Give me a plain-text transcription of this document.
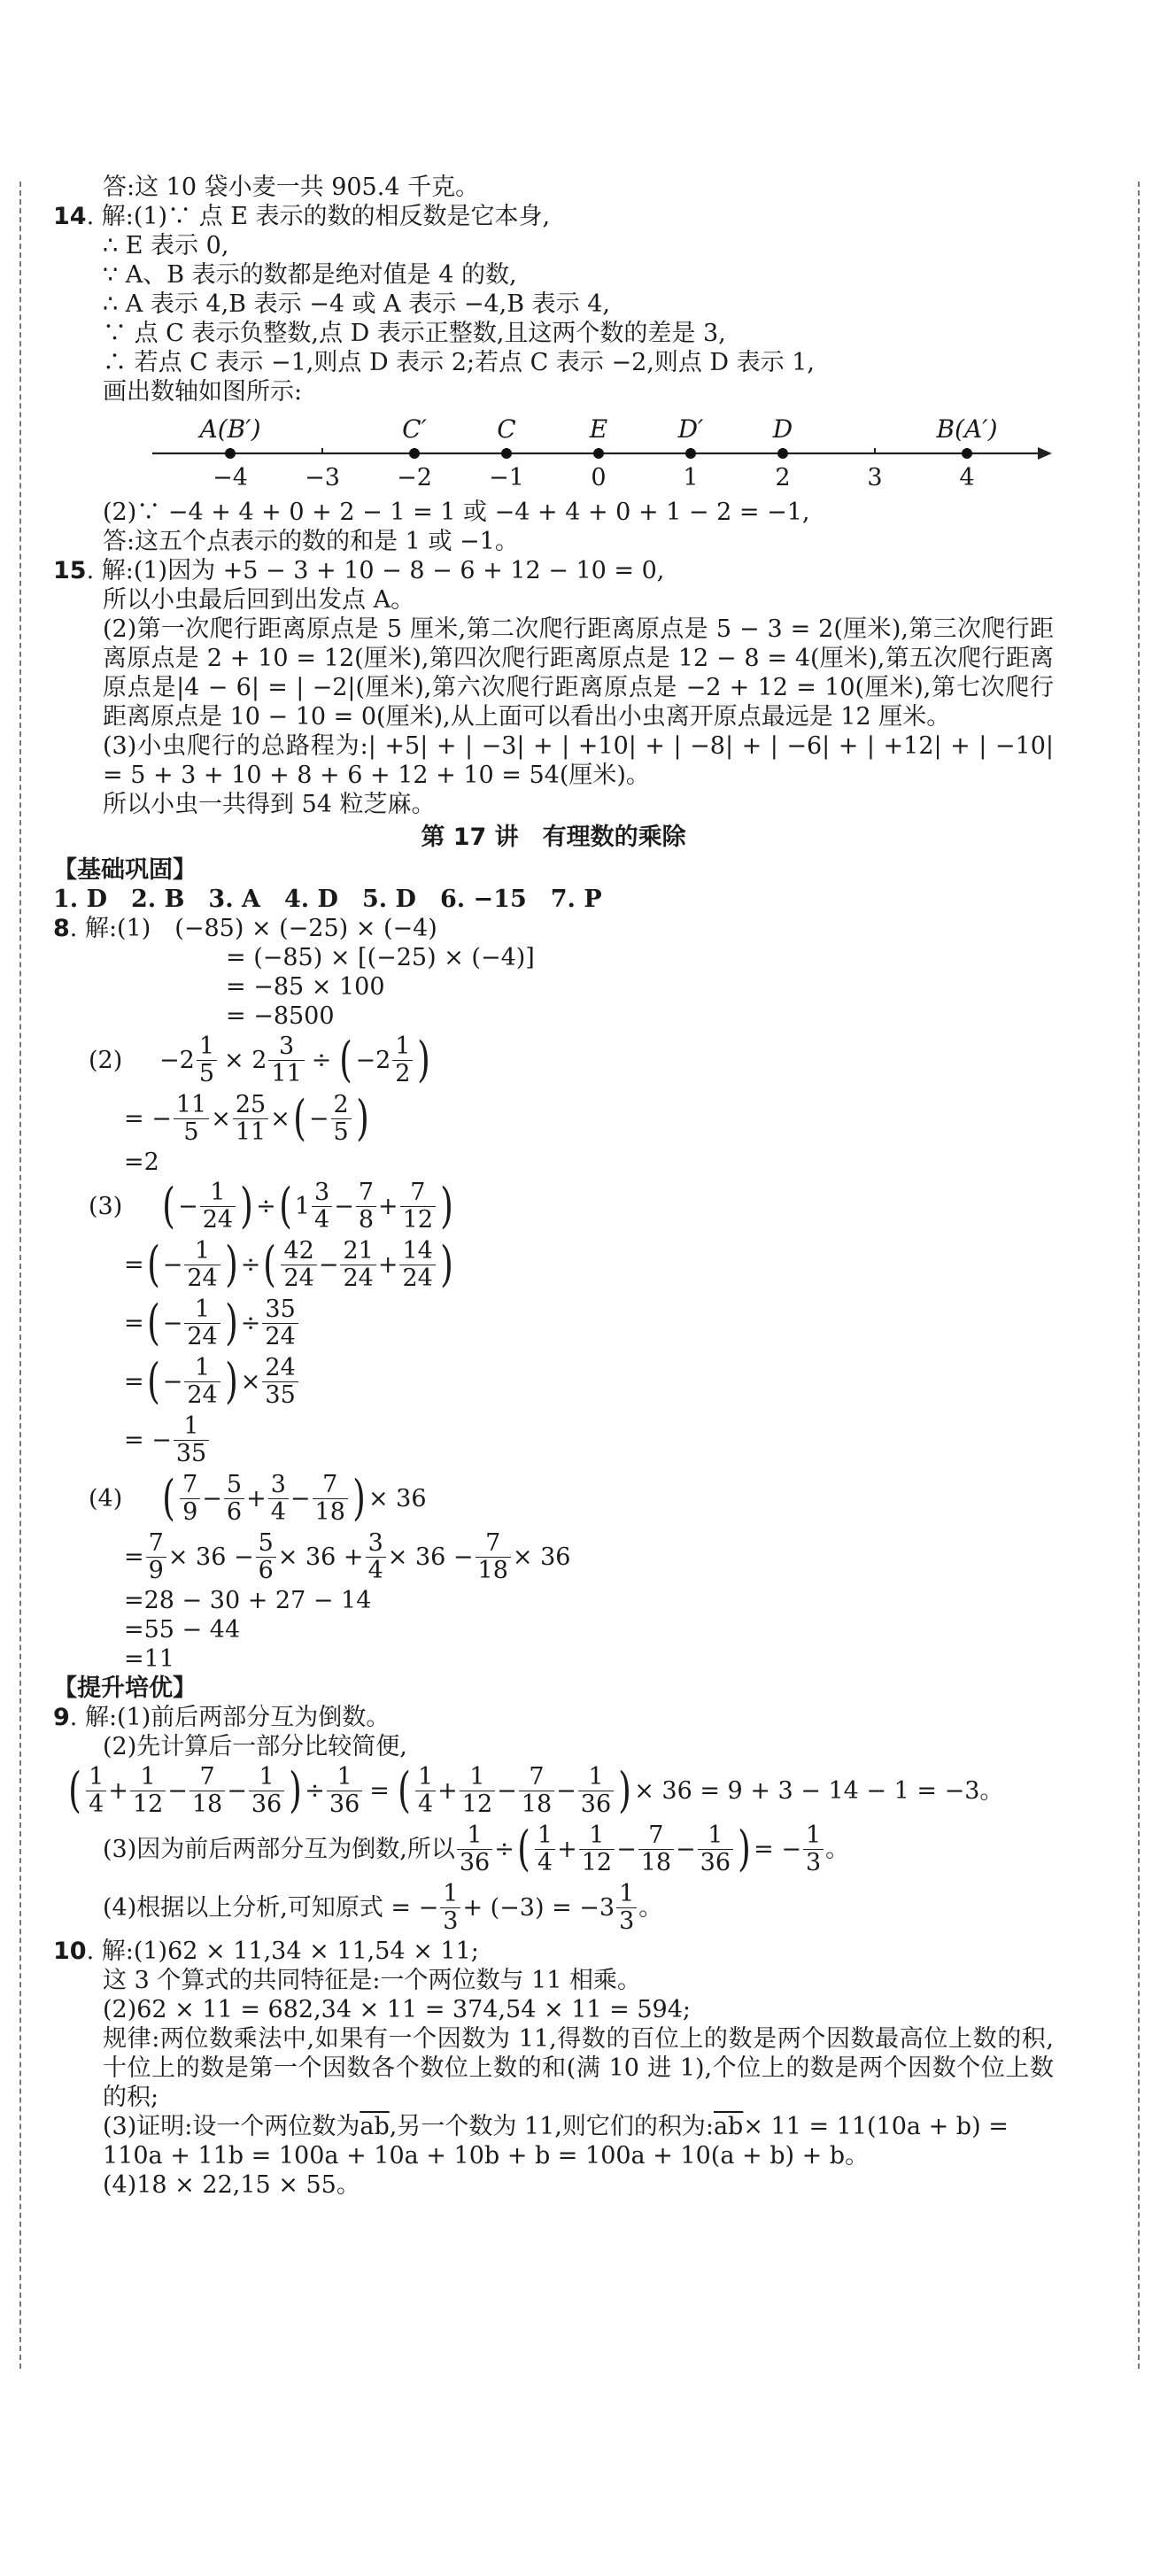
答:这 10 袋小麦一共 905.4 千克。
14. 解:(1)∵ 点 E 表示的数的相反数是它本身,
∴ E 表示 0,
∵ A、B 表示的数都是绝对值是 4 的数,
∴ A 表示 4,B 表示 −4 或 A 表示 −4,B 表示 4,
∵ 点 C 表示负整数,点 D 表示正整数,且这两个数的差是 3,
∴ 若点 C 表示 −1,则点 D 表示 2;若点 C 表示 −2,则点 D 表示 1,
画出数轴如图所示:
−4 −3 −2 −1	0	1	2	3	4
A(B′)	C′	C	E	D′	D	B(A′)
(2)∵ −4 + 4 + 0 + 2 − 1 = 1 或 −4 + 4 + 0 + 1 − 2 = −1,
答:这五个点表示的数的和是 1 或 −1。
15. 解:(1)因为 +5 − 3 + 10 − 8 − 6 + 12 − 10 = 0,
所以小虫最后回到出发点 A。
(2)第一次爬行距离原点是 5 厘米,第二次爬行距离原点是 5 − 3 = 2(厘米),第三次爬行距离原点是 2 + 10 = 12(厘米),第四次爬行距离原点是 12 − 8 = 4(厘米),第五次爬行距离原点是|4 − 6| = | −2|(厘米),第六次爬行距离原点是 −2 + 12 = 10(厘米),第七次爬行距离原点是 10 − 10 = 0(厘米),从上面可以看出小虫离开原点最远是 12 厘米。
(3)小虫爬行的总路程为:| +5| + | −3| + | +10| + | −8| + | −6| + | +12| + | −10| = 5 + 3 + 10 + 8 + 6 + 12 + 10 = 54(厘米)。
所以小虫一共得到 54 粒芝麻。
第 17 讲　有理数的乘除
【基础巩固】
1. D　2. B　3. A　4. D　5. D　6. −15　7. P
8. 解:(1)　(−85) × (−25) × (−4)
= (−85) × [(−25) × (−4)]
= −85 × 100
= −8500
(2)	$-2 \frac{1}{5} \times 2 \frac{3}{11}$ ÷ ( $-2 \frac{1}{2}$ )
= − $\frac{11}{5} \times \frac{25}{11}$ × ( − $\frac{2}{5}$ )
=2
(3) ( − $\frac{1}{24}$ ) ÷ ( $1 \frac{3}{4} - \frac{7}{8} + \frac{7}{12}$ )
= ( − $\frac{1}{24}$ ) ÷ ( $\frac{42}{24} - \frac{21}{24} + \frac{14}{24}$ )
= ( − $\frac{1}{24}$ ) ÷ $\frac{35}{24}$
= ( − $\frac{1}{24}$ ) × $\frac{24}{35}$
= − $\frac{1}{35}$
(4) ( $\frac{7}{9} - \frac{5}{6} + \frac{3}{4} - \frac{7}{18}$ ) × 36
= $\frac{7}{9} \times 36 - \frac{5}{6} \times 36 + \frac{3}{4} \times 36 - \frac{7}{18} \times 36$
=28 − 30 + 27 − 14
=55 − 44
=11
【提升培优】
9. 解:(1)前后两部分互为倒数。
(2)先计算后一部分比较简便,
( $\frac{1}{4} + \frac{1}{12} - \frac{7}{18} - \frac{1}{36}$ ) ÷ $\frac{1}{36}$ = ( $\frac{1}{4} + \frac{1}{12} - \frac{7}{18} - \frac{1}{36}$ ) × 36 = 9 + 3 − 14 − 1 = −3。
(3)因为前后两部分互为倒数,所以 $\frac{1}{36}$ ÷ ( $\frac{1}{4} + \frac{1}{12} - \frac{7}{18} - \frac{1}{36}$ ) = − $\frac{1}{3}$ 。
(4)根据以上分析,可知原式 = − $\frac{1}{3} + (-3) = -3 \frac{1}{3}$ 。
10. 解:(1)62 × 11,34 × 11,54 × 11;
这 3 个算式的共同特征是:一个两位数与 11 相乘。
(2)62 × 11 = 682,34 × 11 = 374,54 × 11 = 594;
规律:两位数乘法中,如果有一个因数为 11,得数的百位上的数是两个因数最高位上数的积,十位上的数是第一个因数各个数位上数的和(满 10 进 1),个位上的数是两个因数个位上数的积;
(3)证明:设一个两位数为$\overline{ab}$,另一个数为 11,则它们的积为$:\overline{ab}\times 11 = 11(10a + b)$ =
110a + 11b = 100a + 10a + 10b + b = 100a + 10(a + b) + b。
(4)18 × 22,15 × 55。
